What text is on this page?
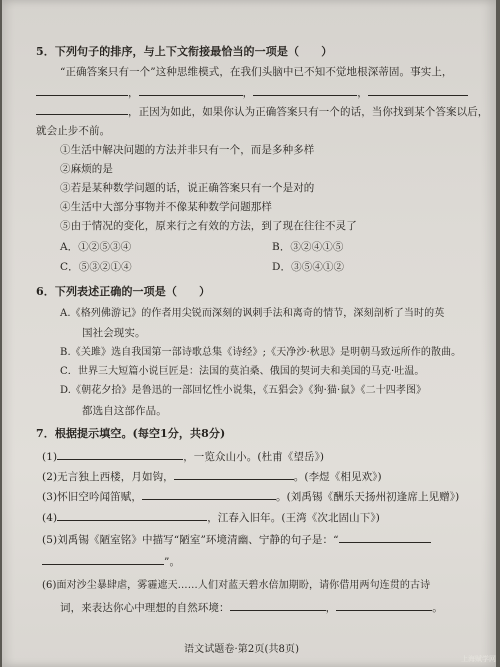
5．下列句子的排序，与上下文衔接最恰当的一项是（　　）
“正确答案只有一个”这种思维模式，在我们头脑中已不知不觉地根深蒂固。事实上，
，	，	，
，正因为如此，如果你认为正确答案只有一个的话，当你找到某个答案以后，
就会止步不前。
①生活中解决问题的方法并非只有一个，而是多种多样
②麻烦的是
③若是某种数学问题的话，说正确答案只有一个是对的
④生活中大部分事物并不像某种数学问题那样
⑤由于情况的变化，原来行之有效的方法，到了现在往往不灵了
A．①②⑤③④	B．③②④①⑤
C．⑤③②①④	D．③⑤④①②
6．下列表述正确的一项是（　　）
A.《格列佛游记》的作者用尖锐而深刻的讽刺手法和离奇的情节，深刻剖析了当时的英
国社会现实。
B.《关雎》选自我国第一部诗歌总集《诗经》;《天净沙·秋思》是明朝马致远所作的散曲。
C．世界三大短篇小说巨匠是：法国的莫泊桑、俄国的契诃夫和美国的马克·吐温。
D.《朝花夕拾》是鲁迅的一部回忆性小说集，《五猖会》《狗·猫·鼠》《二十四孝图》
都选自这部作品。
7．根据提示填空。(每空1分，共8分)
(1)	，一览众山小。(杜甫《望岳》)
(2)无言独上西楼，月如钩，	。(李煜《相见欢》)
(3)怀旧空吟闻笛赋，	。(刘禹锡《酬乐天扬州初逢席上见赠》)
(4)	，江春入旧年。(王湾《次北固山下》)
(5)刘禹锡《陋室铭》中描写“陋室”环境清幽、宁静的句子是：“
”。
(6)面对沙尘暴肆虐，雾霾遮天……人们对蓝天碧水倍加期盼，请你借用两句连贯的古诗
词，来表达你心中理想的自然环境：	，	。
语文试题卷·第2页(共8页)
上海赋学网
